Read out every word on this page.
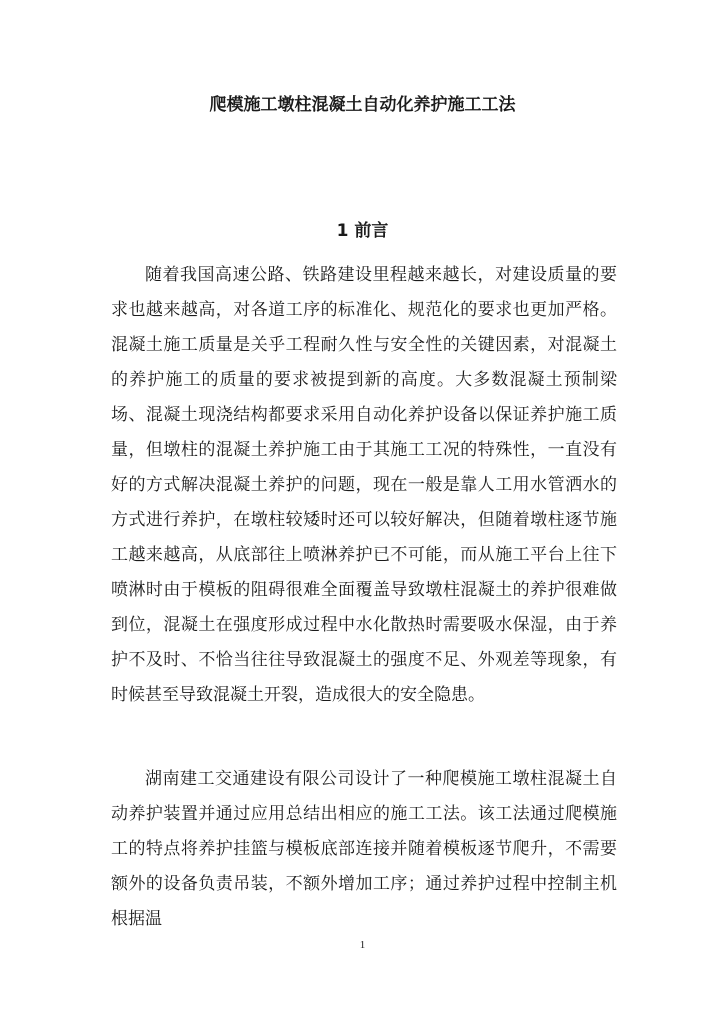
爬模施工墩柱混凝土自动化养护施工工法
1 前言

随着我国高速公路、铁路建设里程越来越长，对建设质量的要求也越来越高，对各道工序的标准化、规范化的要求也更加严格。混凝土施工质量是关乎工程耐久性与安全性的关键因素，对混凝土的养护施工的质量的要求被提到新的高度。大多数混凝土预制梁场、混凝土现浇结构都要求采用自动化养护设备以保证养护施工质量，但墩柱的混凝土养护施工由于其施工工况的特殊性，一直没有好的方式解决混凝土养护的问题，现在一般是靠人工用水管洒水的方式进行养护，在墩柱较矮时还可以较好解决，但随着墩柱逐节施工越来越高，从底部往上喷淋养护已不可能，而从施工平台上往下喷淋时由于模板的阻碍很难全面覆盖导致墩柱混凝土的养护很难做到位，混凝土在强度形成过程中水化散热时需要吸水保湿，由于养护不及时、不恰当往往导致混凝土的强度不足、外观差等现象，有时候甚至导致混凝土开裂，造成很大的安全隐患。

湖南建工交通建设有限公司设计了一种爬模施工墩柱混凝土自动养护装置并通过应用总结出相应的施工工法。该工法通过爬模施工的特点将养护挂篮与模板底部连接并随着模板逐节爬升，不需要额外的设备负责吊装，不额外增加工序；通过养护过程中控制主机根据温

1
